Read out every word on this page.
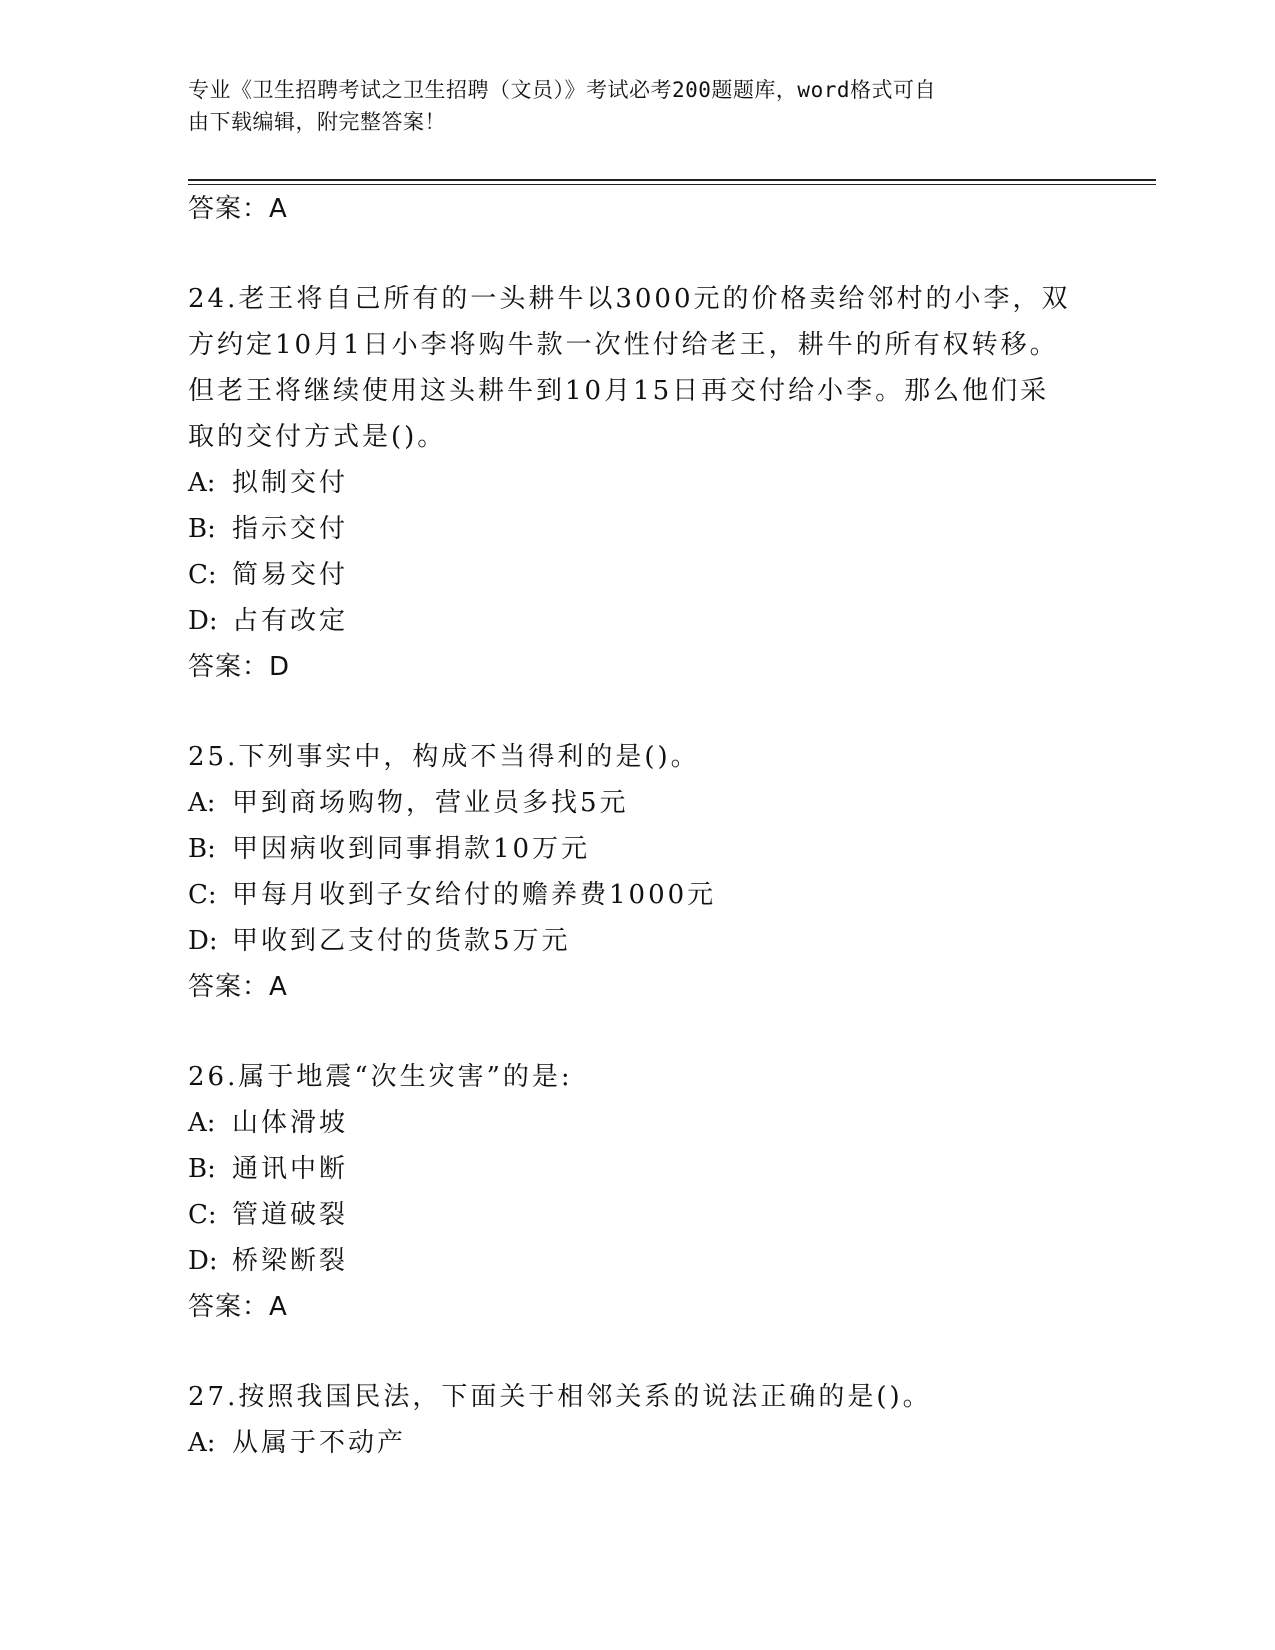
专业《卫生招聘考试之卫生招聘（文员）》考试必考200题题库，word格式可自
由下载编辑，附完整答案！
答案：A
24.老王将自己所有的一头耕牛以3000元的价格卖给邻村的小李，双
方约定10月1日小李将购牛款一次性付给老王，耕牛的所有权转移。
但老王将继续使用这头耕牛到10月15日再交付给小李。那么他们采
取的交付方式是()。
A: 拟制交付
B: 指示交付
C: 简易交付
D: 占有改定
答案：D
25.下列事实中，构成不当得利的是()。
A: 甲到商场购物，营业员多找5元
B: 甲因病收到同事捐款10万元
C: 甲每月收到子女给付的赡养费1000元
D: 甲收到乙支付的货款5万元
答案：A
26.属于地震“次生灾害”的是:
A: 山体滑坡
B: 通讯中断
C: 管道破裂
D: 桥梁断裂
答案：A
27.按照我国民法，下面关于相邻关系的说法正确的是()。
A: 从属于不动产
